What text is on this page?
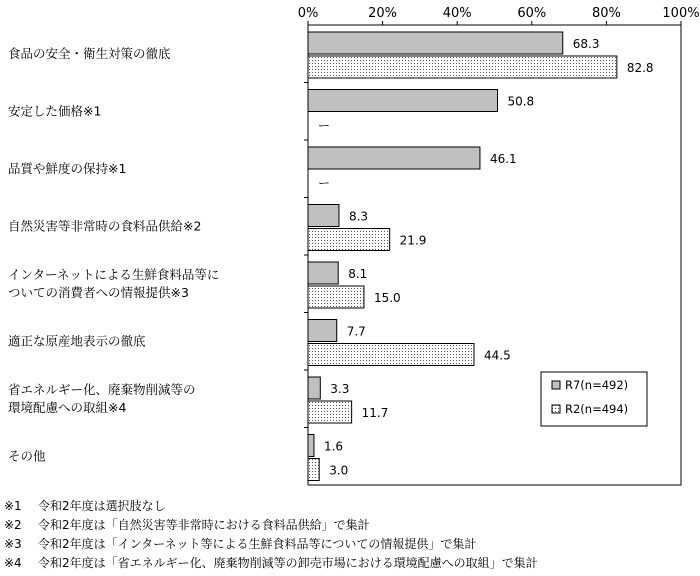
0%	20%	40%	60%	80%	100%
食品の安全・衛生対策の徹底
安定した価格※1
品質や鮮度の保持※1
自然災害等非常時の食料品供給※2
インターネットによる生鮮食料品等に
ついての消費者への情報提供※3
適正な原産地表示の徹底
省エネルギー化、廃棄物削減等の
環境配慮への取組※4
その他
68.3
50.8
46.1
8.3
8.1
7.7
3.3
1.6
82.8
ー
ー
21.9
15.0
44.5
11.7
3.0
R7(n=492)
R2(n=494)
※1 令和2年度は選択肢なし
※2 令和2年度は「自然災害等非常時における食料品供給」で集計
※3 令和2年度は「インターネット等による生鮮食料品等についての情報提供」で集計
※4 令和2年度は「省エネルギー化、廃棄物削減等の卸売市場における環境配慮への取組」で集計
